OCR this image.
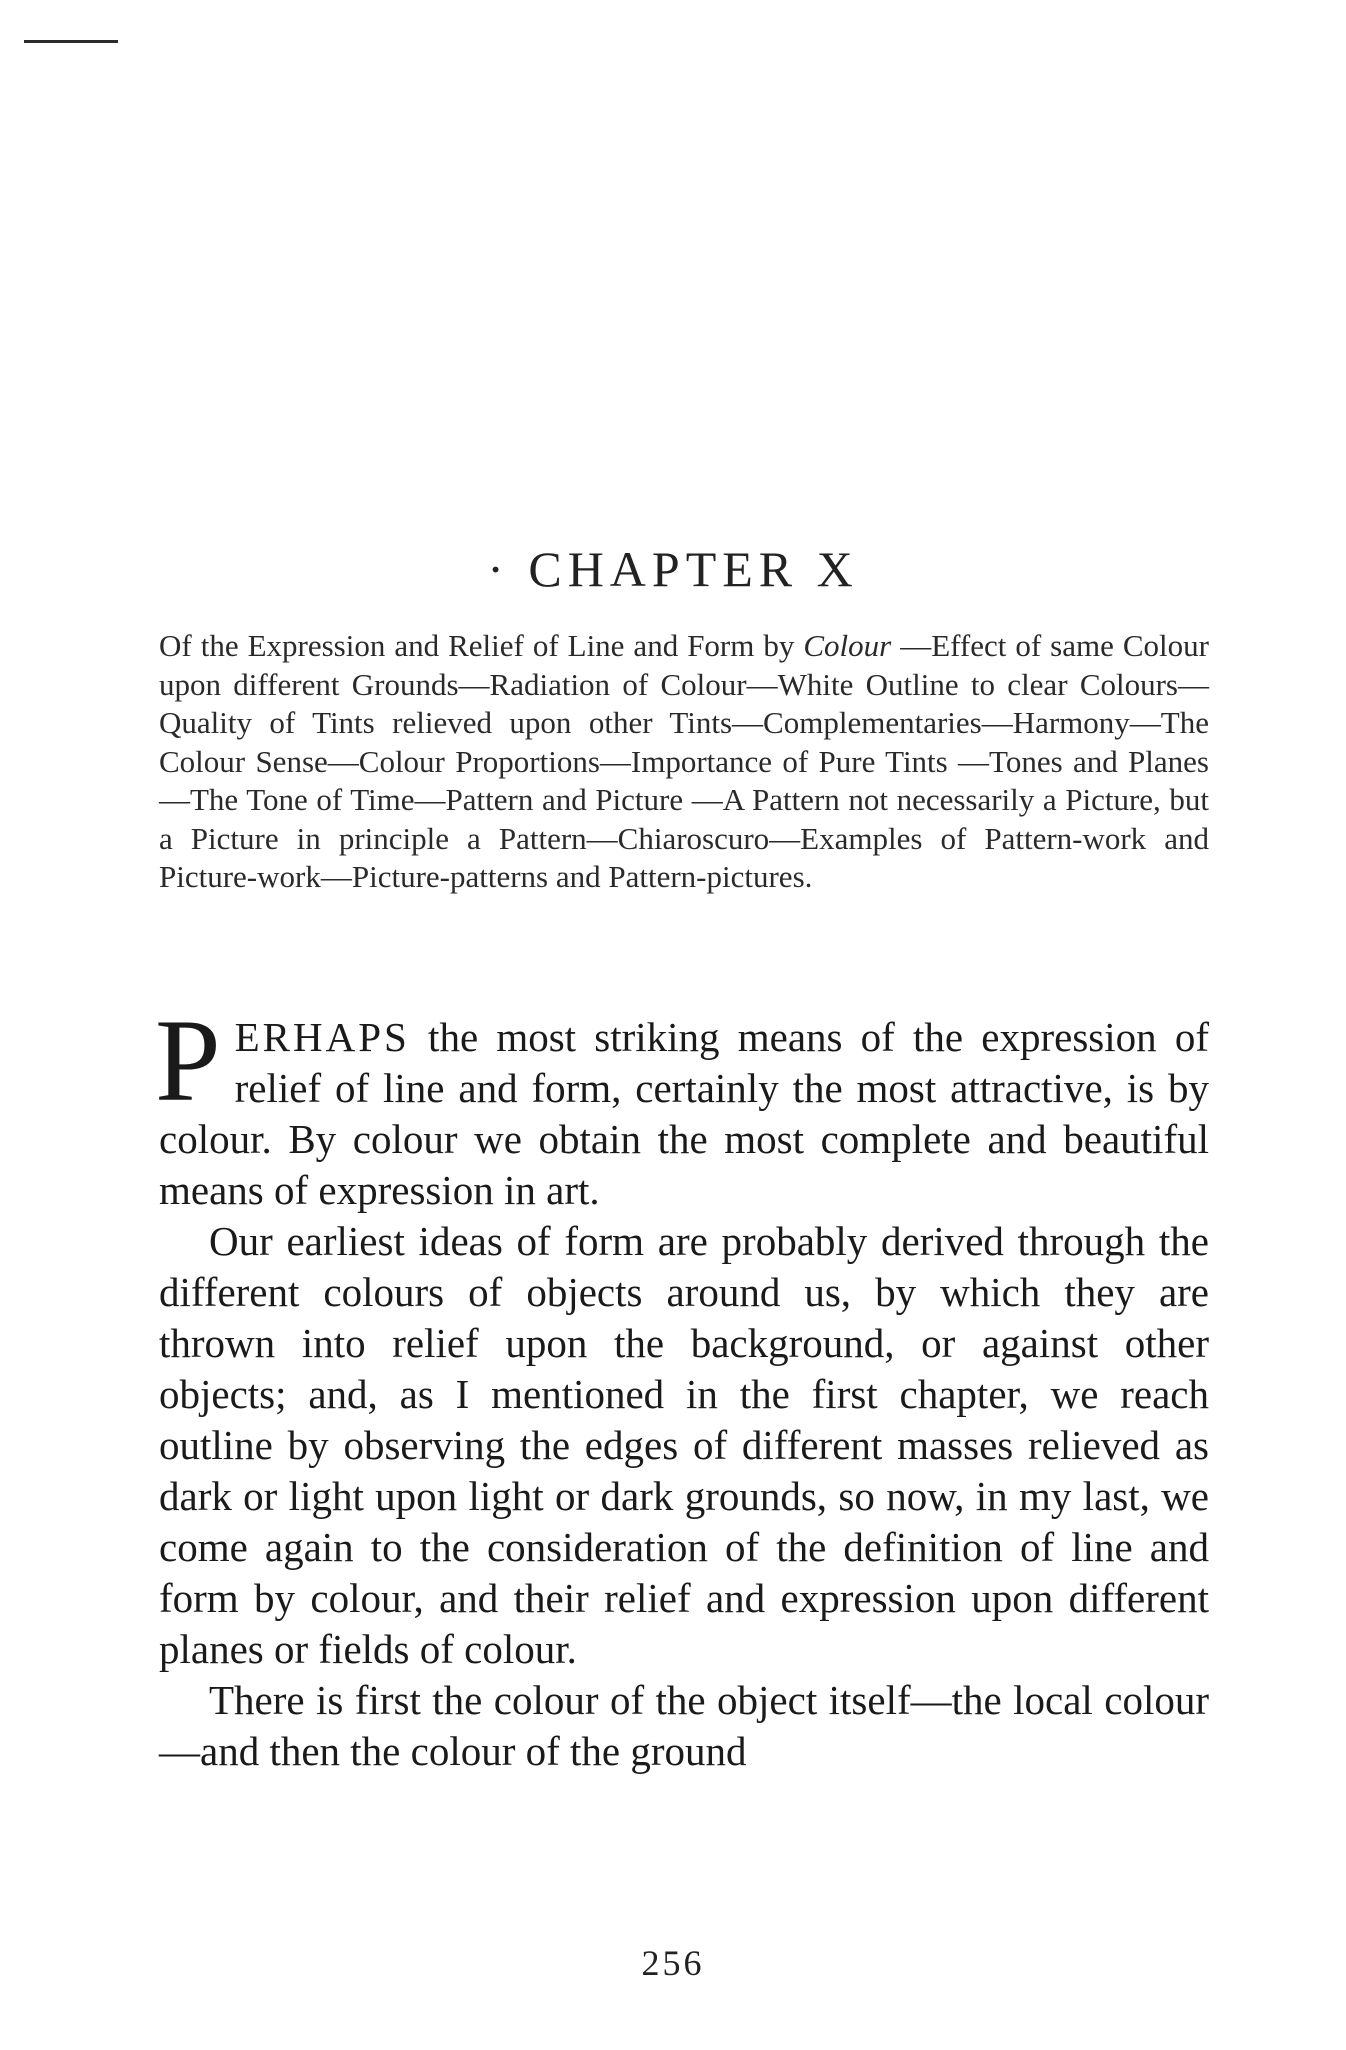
· CHAPTER X
Of the Expression and Relief of Line and Form by Colour —Effect of same Colour upon different Grounds—Radiation of Colour—White Outline to clear Colours—Quality of Tints relieved upon other Tints—Complementaries—Harmony—The Colour Sense—Colour Proportions—Importance of Pure Tints —Tones and Planes—The Tone of Time—Pattern and Picture —A Pattern not necessarily a Picture, but a Picture in principle a Pattern—Chiaroscuro—Examples of Pattern-work and Picture-work—Picture-patterns and Pattern-pictures.

PERHAPS the most striking means of the expression of relief of line and form, certainly the most attractive, is by colour. By colour we obtain the most complete and beautiful means of expression in art.

Our earliest ideas of form are probably derived through the different colours of objects around us, by which they are thrown into relief upon the background, or against other objects; and, as I mentioned in the first chapter, we reach outline by observing the edges of different masses relieved as dark or light upon light or dark grounds, so now, in my last, we come again to the consideration of the definition of line and form by colour, and their relief and expression upon different planes or fields of colour.

There is first the colour of the object itself—the local colour—and then the colour of the ground

256
